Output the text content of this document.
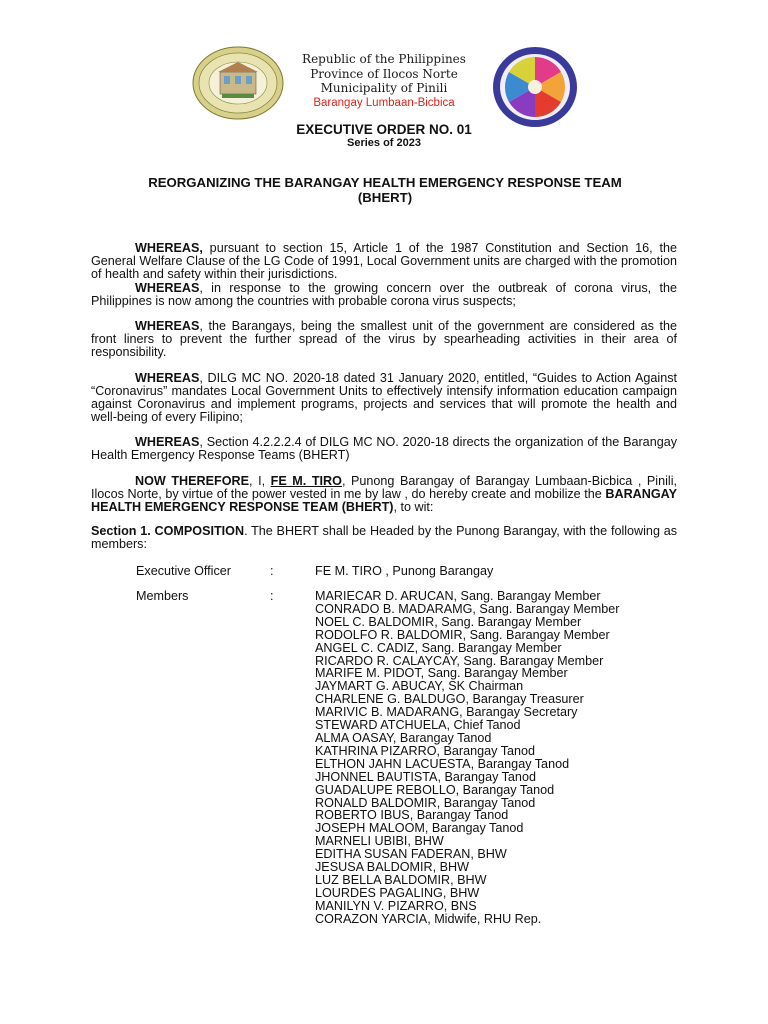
Republic of the Philippines
Province of Ilocos Norte
Municipality of Pinili
Barangay Lumbaan-Bicbica
EXECUTIVE ORDER NO. 01
Series of 2023
REORGANIZING THE BARANGAY HEALTH EMERGENCY RESPONSE TEAM
(BHERT)

WHEREAS, pursuant to section 15, Article 1 of the 1987 Constitution and Section 16, the General Welfare Clause of the LG Code of 1991, Local Government units are charged with the promotion of health and safety within their jurisdictions.

WHEREAS, in response to the growing concern over the outbreak of corona virus, the Philippines is now among the countries with probable corona virus suspects;

WHEREAS, the Barangays, being the smallest unit of the government are considered as the front liners to prevent the further spread of the virus by spearheading activities in their area of responsibility.

WHEREAS, DILG MC NO. 2020-18 dated 31 January 2020, entitled, “Guides to Action Against “Coronavirus” mandates Local Government Units to effectively intensify information education campaign against Coronavirus and implement programs, projects and services that will promote the health and well-being of every Filipino;

WHEREAS, Section 4.2.2.2.4 of DILG MC NO. 2020-18 directs the organization of the Barangay Health Emergency Response Teams (BHERT)

NOW THEREFORE, I, FE M. TIRO, Punong Barangay of Barangay Lumbaan-Bicbica , Pinili, Ilocos Norte, by virtue of the power vested in me by law , do hereby create and mobilize the BARANGAY HEALTH EMERGENCY RESPONSE TEAM (BHERT), to wit:

Section 1. COMPOSITION. The BHERT shall be Headed by the Punong Barangay, with the following as members:

Executive Officer	:	FE M. TIRO , Punong Barangay
Members	:	MARIECAR D. ARUCAN, Sang. Barangay Member
CONRADO B. MADARAMG, Sang. Barangay Member
NOEL C. BALDOMIR, Sang. Barangay Member
RODOLFO R. BALDOMIR, Sang. Barangay Member
ANGEL C. CADIZ, Sang. Barangay Member
RICARDO R. CALAYCAY, Sang. Barangay Member
MARIFE M. PIDOT, Sang. Barangay Member
JAYMART G. ABUCAY, SK Chairman
CHARLENE G. BALDUGO, Barangay Treasurer
MARIVIC B. MADARANG, Barangay Secretary
STEWARD ATCHUELA, Chief Tanod
ALMA OASAY, Barangay Tanod
KATHRINA PIZARRO, Barangay Tanod
ELTHON JAHN LACUESTA, Barangay Tanod
JHONNEL BAUTISTA, Barangay Tanod
GUADALUPE REBOLLO, Barangay Tanod
RONALD BALDOMIR, Barangay Tanod
ROBERTO IBUS, Barangay Tanod
JOSEPH MALOOM, Barangay Tanod
MARNELI UBIBI, BHW
EDITHA SUSAN FADERAN, BHW
JESUSA BALDOMIR, BHW
LUZ BELLA BALDOMIR, BHW
LOURDES PAGALING, BHW
MANILYN V. PIZARRO, BNS
CORAZON YARCIA, Midwife, RHU Rep.
